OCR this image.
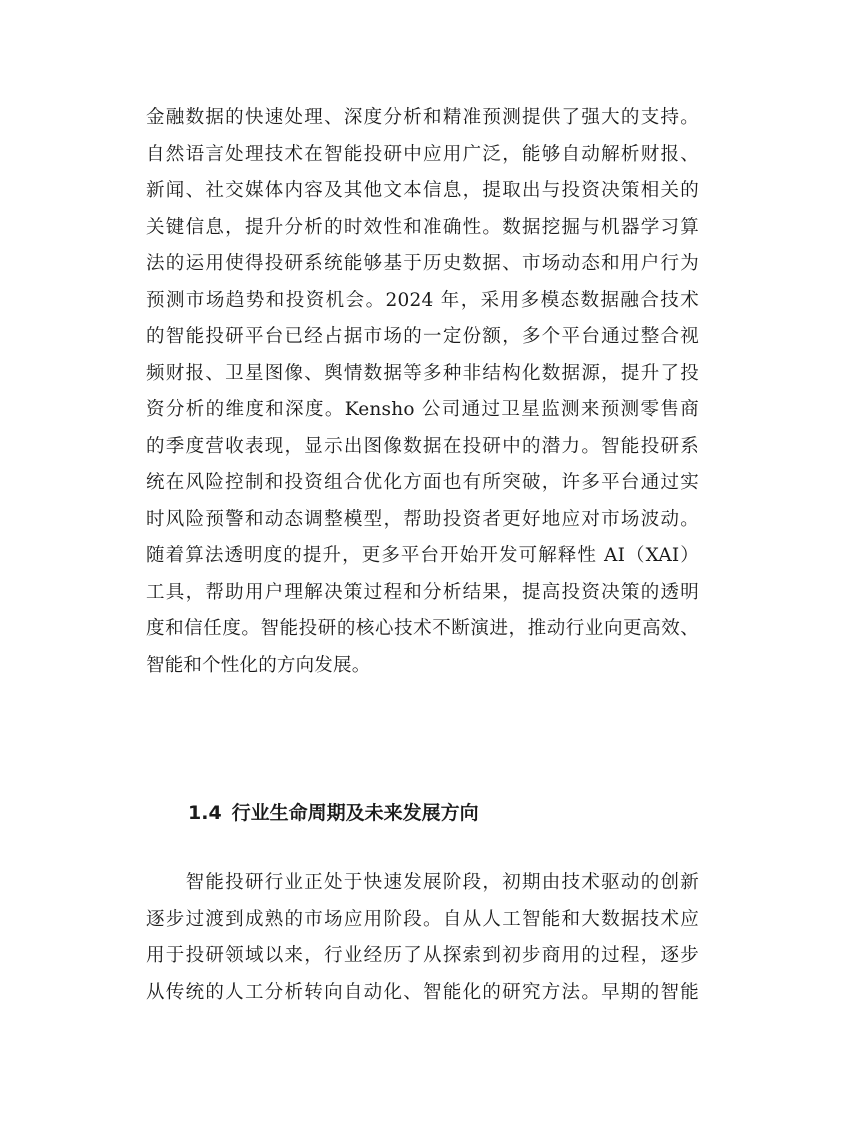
金融数据的快速处理、深度分析和精准预测提供了强大的支持。
自然语言处理技术在智能投研中应用广泛，能够自动解析财报、
新闻、社交媒体内容及其他文本信息，提取出与投资决策相关的
关键信息，提升分析的时效性和准确性。数据挖掘与机器学习算
法的运用使得投研系统能够基于历史数据、市场动态和用户行为
预测市场趋势和投资机会。2024 年，采用多模态数据融合技术
的智能投研平台已经占据市场的一定份额，多个平台通过整合视
频财报、卫星图像、舆情数据等多种非结构化数据源，提升了投
资分析的维度和深度。Kensho 公司通过卫星监测来预测零售商
的季度营收表现，显示出图像数据在投研中的潜力。智能投研系
统在风险控制和投资组合优化方面也有所突破，许多平台通过实
时风险预警和动态调整模型，帮助投资者更好地应对市场波动。
随着算法透明度的提升，更多平台开始开发可解释性 AI（XAI）
工具，帮助用户理解决策过程和分析结果，提高投资决策的透明
度和信任度。智能投研的核心技术不断演进，推动行业向更高效、
智能和个性化的方向发展。
1.4 行业生命周期及未来发展方向
　　智能投研行业正处于快速发展阶段，初期由技术驱动的创新
逐步过渡到成熟的市场应用阶段。自从人工智能和大数据技术应
用于投研领域以来，行业经历了从探索到初步商用的过程，逐步
从传统的人工分析转向自动化、智能化的研究方法。早期的智能
